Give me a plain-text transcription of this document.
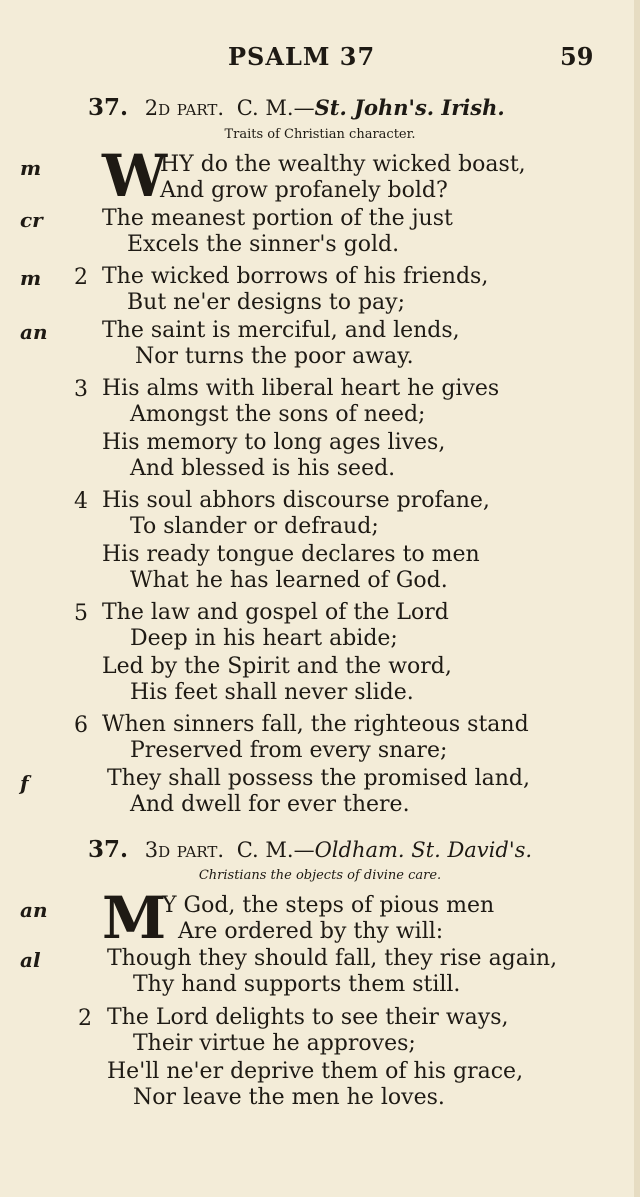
PSALM 37	59
37. 2d part. C. M.—St. John's. Irish.
Traits of Christian character.
m
cr
m
an
f
2
3
4
5
6
W
HY do the wealthy wicked boast,
And grow profanely bold?
The meanest portion of the just
Excels the sinner's gold.
The wicked borrows of his friends,
But ne'er designs to pay;
The saint is merciful, and lends,
Nor turns the poor away.
His alms with liberal heart he gives
Amongst the sons of need;
His memory to long ages lives,
And blessed is his seed.
His soul abhors discourse profane,
To slander or defraud;
His ready tongue declares to men
What he has learned of God.
The law and gospel of the Lord
Deep in his heart abide;
Led by the Spirit and the word,
His feet shall never slide.
When sinners fall, the righteous stand
Preserved from every snare;
They shall possess the promised land,
And dwell for ever there.
37. 3d part. C. M.—Oldham. St. David's.
Christians the objects of divine care.
an
al
2
M
Y God, the steps of pious men
Are ordered by thy will:
Though they should fall, they rise again,
Thy hand supports them still.
The Lord delights to see their ways,
Their virtue he approves;
He'll ne'er deprive them of his grace,
Nor leave the men he loves.
